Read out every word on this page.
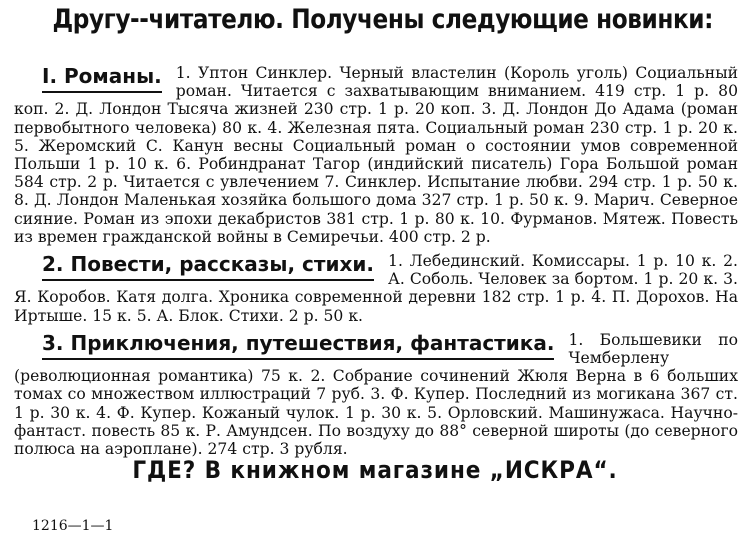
Другу--читателю. Получены следующие новинки:
I. Романы. 1. Уптон Синклер. Черный властелин (Король уголь) Социальный роман. Читается с захватывающим вниманием. 419 стр. 1 р. 80 коп. 2. Д. Лондон Тысяча жизней 230 стр. 1 р. 20 коп. 3. Д. Лондон До Адама (роман первобытного человека) 80 к. 4. Железная пята. Социальный роман 230 стр. 1 р. 20 к. 5. Жеромский С. Канун весны Социальный роман о состоянии умов современной Польши 1 р. 10 к. 6. Робиндранат Тагор (индийский писатель) Гора Большой роман 584 стр. 2 р. Читается с увлечением 7. Синклер. Испытание любви. 294 стр. 1 р. 50 к. 8. Д. Лондон Маленькая хозяйка большого дома 327 стр. 1 р. 50 к. 9. Марич. Северное сияние. Роман из эпохи декабристов 381 стр. 1 р. 80 к. 10. Фурманов. Мятеж. Повесть из времен гражданской войны в Семиречьи. 400 стр. 2 р.
2. Повести, рассказы, стихи. 1. Лебединский. Комиссары. 1 р. 10 к. 2. А. Соболь. Человек за бортом. 1 р. 20 к. 3. Я. Коробов. Катя долга. Хроника современной деревни 182 стр. 1 р. 4. П. Дорохов. На Иртыше. 15 к. 5. А. Блок. Стихи. 2 р. 50 к.
3. Приключения, путешествия, фантастика. 1. Большевики по Чемберлену (революционная романтика) 75 к. 2. Собрание сочинений Жюля Верна в 6 больших томах со множеством иллюстраций 7 руб. 3. Ф. Купер. Последний из могикана 367 ст. 1 р. 30 к. 4. Ф. Купер. Кожаный чулок. 1 р. 30 к. 5. Орловский. Машинужаса. Научно-фантаст. повесть 85 к. Р. Амундсен. По воздуху до 88° северной широты (до северного полюса на аэроплане). 274 стр. 3 рубля.
ГДЕ? В книжном магазине „ИСКРА“.
1216—1—1
